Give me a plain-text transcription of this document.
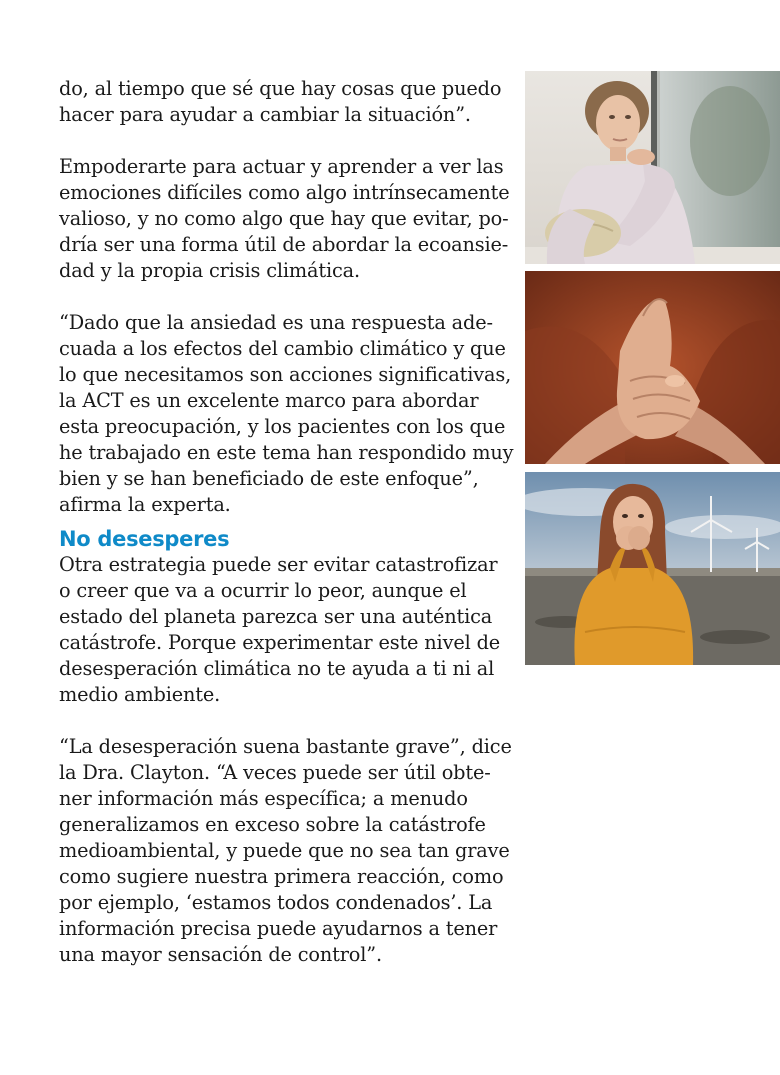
do, al tiempo que sé que hay cosas que puedo
hacer para ayudar a cambiar la situación”.

Empoderarte para actuar y aprender a ver las
emociones difíciles como algo intrínsecamente
valioso, y no como algo que hay que evitar, po-
dría ser una forma útil de abordar la ecoansie-
dad y la propia crisis climática.

“Dado que la ansiedad es una respuesta ade-
cuada a los efectos del cambio climático y que
lo que necesitamos son acciones significativas,
la ACT es un excelente marco para abordar
esta preocupación, y los pacientes con los que
he trabajado en este tema han respondido muy
bien y se han beneficiado de este enfoque”,
afirma la experta.

No desesperes

Otra estrategia puede ser evitar catastrofizar
o creer que va a ocurrir lo peor, aunque el
estado del planeta parezca ser una auténtica
catástrofe. Porque experimentar este nivel de
desesperación climática no te ayuda a ti ni al
medio ambiente.

“La desesperación suena bastante grave”, dice
la Dra. Clayton. “A veces puede ser útil obte-
ner información más específica; a menudo
generalizamos en exceso sobre la catástrofe
medioambiental, y puede que no sea tan grave
como sugiere nuestra primera reacción, como
por ejemplo, ‘estamos todos condenados’. La
información precisa puede ayudarnos a tener
una mayor sensación de control”.
